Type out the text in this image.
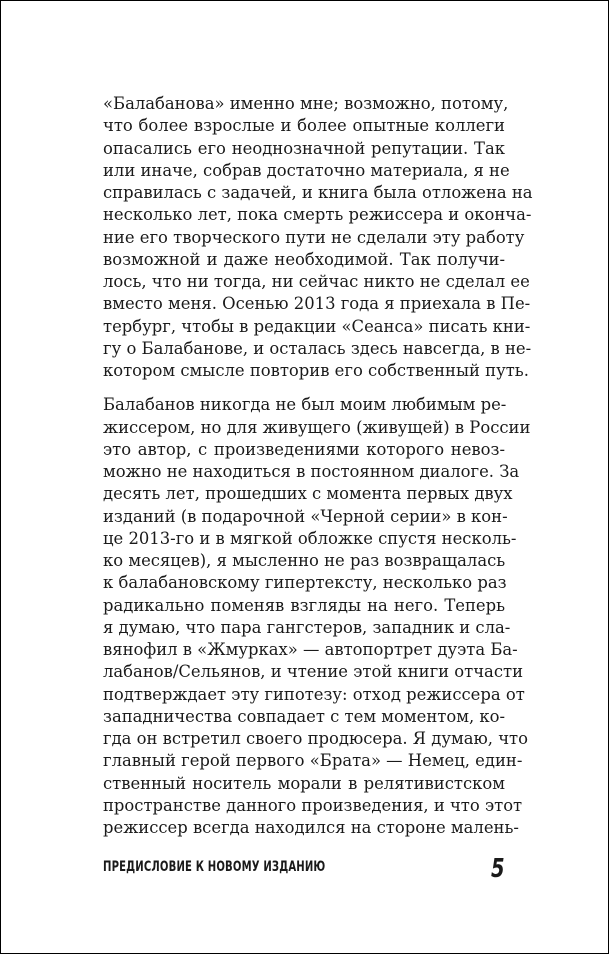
«Балабанова» именно мне; возможно, потому,
что более взрослые и более опытные коллеги
опасались его неоднозначной репутации. Так
или иначе, собрав достаточно материала, я не
справилась с задачей, и книга была отложена на
несколько лет, пока смерть режиссера и оконча-
ние его творческого пути не сделали эту работу
возможной и даже необходимой. Так получи-
лось, что ни тогда, ни сейчас никто не сделал ее
вместо меня. Осенью 2013 года я приехала в Пе-
тербург, чтобы в редакции «Сеанса» писать кни-
гу о Балабанове, и осталась здесь навсегда, в не-
котором смысле повторив его собственный путь.
Балабанов никогда не был моим любимым ре-
жиссером, но для живущего (живущей) в России
это автор, с произведениями которого невоз-
можно не находиться в постоянном диалоге. За
десять лет, прошедших с момента первых двух
изданий (в подарочной «Черной серии» в кон-
це 2013-го и в мягкой обложке спустя несколь-
ко месяцев), я мысленно не раз возвращалась
к балабановскому гипертексту, несколько раз
радикально поменяв взгляды на него. Теперь
я думаю, что пара гангстеров, западник и сла-
вянофил в «Жмурках» — автопортрет дуэта Ба-
лабанов/Сельянов, и чтение этой книги отчасти
подтверждает эту гипотезу: отход режиссера от
западничества совпадает с тем моментом, ко-
гда он встретил своего продюсера. Я думаю, что
главный герой первого «Брата» — Немец, един-
ственный носитель морали в релятивистском
пространстве данного произведения, и что этот
режиссер всегда находился на стороне малень-
ПРЕДИСЛОВИЕ К НОВОМУ ИЗДАНИЮ	5
